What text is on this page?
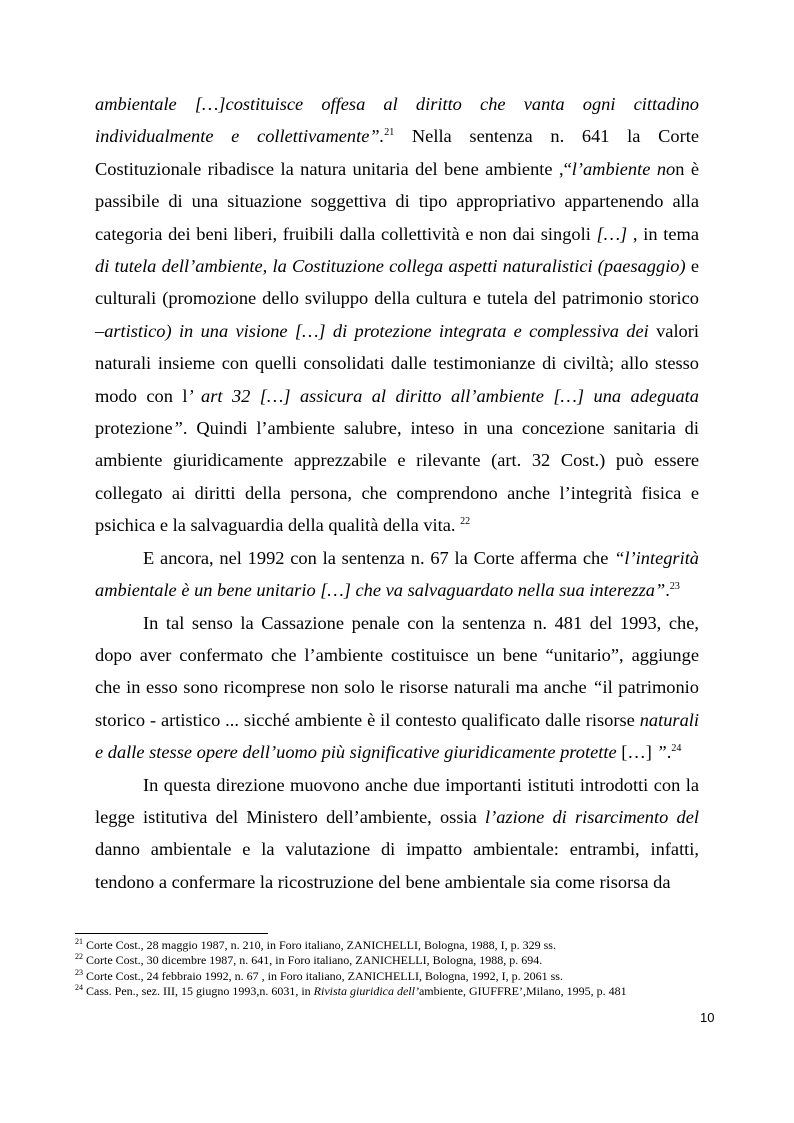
ambientale […]costituisce offesa al diritto che vanta ogni cittadino individualmente e collettivamente”.$^{21}$ Nella sentenza n. 641 la Corte Costituzionale ribadisce la natura unitaria del bene ambiente ,“l’ambiente non è passibile di una situazione soggettiva di tipo appropriativo appartenendo alla categoria dei beni liberi, fruibili dalla collettività e non dai singoli […] , in tema di tutela dell’ambiente, la Costituzione collega aspetti naturalistici (paesaggio) e culturali (promozione dello sviluppo della cultura e tutela del patrimonio storico –artistico) in una visione […] di protezione integrata e complessiva dei valori naturali insieme con quelli consolidati dalle testimonianze di civiltà; allo stesso modo con l’ art 32 […] assicura al diritto all’ambiente […] una adeguata protezione”. Quindi l’ambiente salubre, inteso in una concezione sanitaria di ambiente giuridicamente apprezzabile e rilevante (art. 32 Cost.) può essere collegato ai diritti della persona, che comprendono anche l’integrità fisica e psichica e la salvaguardia della qualità della vita. $^{22}$

E ancora, nel 1992 con la sentenza n. 67 la Corte afferma che “l’integrità ambientale è un bene unitario […] che va salvaguardato nella sua interezza”.$^{23}$

In tal senso la Cassazione penale con la sentenza n. 481 del 1993, che, dopo aver confermato che l’ambiente costituisce un bene “unitario”, aggiunge che in esso sono ricomprese non solo le risorse naturali ma anche “il patrimonio storico - artistico ... sicché ambiente è il contesto qualificato dalle risorse naturali e dalle stesse opere dell’uomo più significative giuridicamente protette […] ”.$^{24}$

In questa direzione muovono anche due importanti istituti introdotti con la legge istitutiva del Ministero dell’ambiente, ossia l’azione di risarcimento del danno ambientale e la valutazione di impatto ambientale: entrambi, infatti, tendono a confermare la ricostruzione del bene ambientale sia come risorsa da

$^{21}$ Corte Cost., 28 maggio 1987, n. 210, in Foro italiano, ZANICHELLI, Bologna, 1988, I, p. 329 ss.
$^{22}$ Corte Cost., 30 dicembre 1987, n. 641, in Foro italiano, ZANICHELLI, Bologna, 1988, p. 694.
$^{23}$ Corte Cost., 24 febbraio 1992, n. 67 , in Foro italiano, ZANICHELLI, Bologna, 1992, I, p. 2061 ss.
$^{24}$ Cass. Pen., sez. III, 15 giugno 1993,n. 6031, in Rivista giuridica dell’ambiente, GIUFFRE’,Milano, 1995, p. 481
10
